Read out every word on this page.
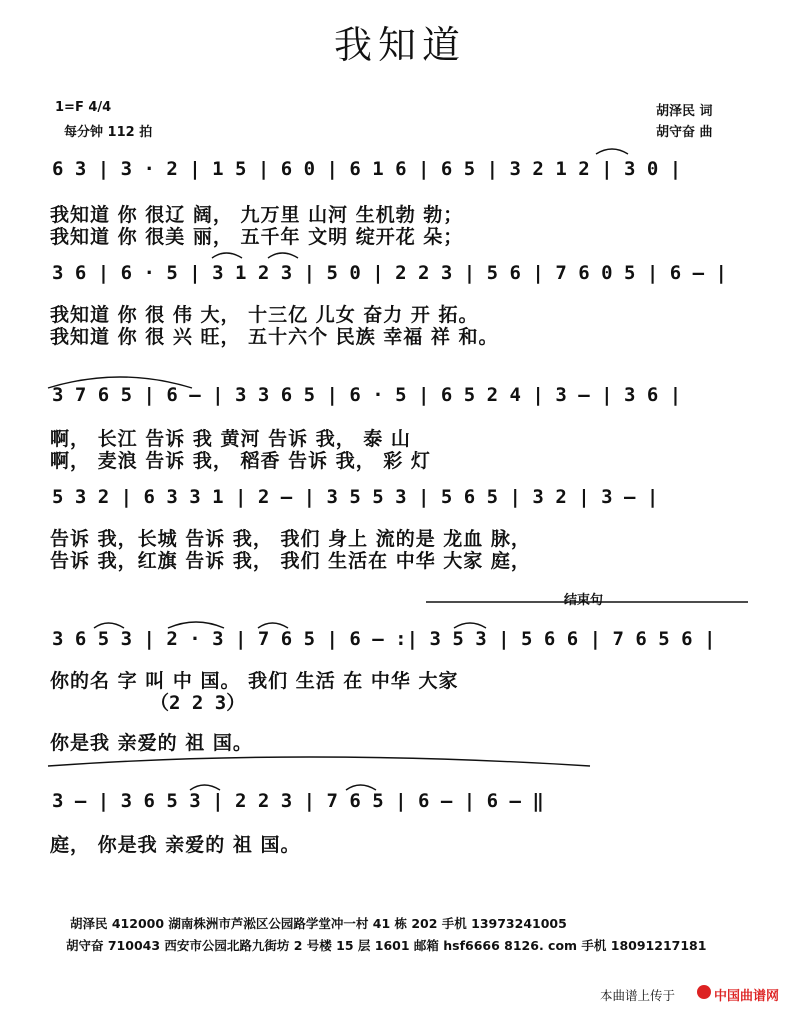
我知道
1=F 4/4
每分钟 112 拍
胡泽民 词
胡守奋 曲
6 3 | 3 · 2 | 1 5 | 6 0 | 6 1 6 | 6 5 | 3 2 1 2 | 3 0 |
我知道 你 很辽 阔， 九万里 山河 生机勃 勃；
我知道 你 很美 丽， 五千年 文明 绽开花 朵；
3 6 | 6 · 5 | 3 1 2 3 | 5 0 | 2 2 3 | 5 6 | 7 6 0 5 | 6 — |
我知道 你 很 伟 大， 十三亿 儿女 奋力 开 拓。
我知道 你 很 兴 旺， 五十六个 民族 幸福 祥 和。
3 7 6 5 | 6 — | 3 3 6 5 | 6 · 5 | 6 5 2 4 | 3 — | 3 6 |
啊， 长江 告诉 我 黄河 告诉 我， 泰 山
啊， 麦浪 告诉 我， 稻香 告诉 我， 彩 灯
5 3 2 | 6 3 3 1 | 2 — | 3 5 5 3 | 5 6 5 | 3 2 | 3 — |
告诉 我，长城 告诉 我， 我们 身上 流的是 龙血 脉，
告诉 我，红旗 告诉 我， 我们 生活在 中华 大家 庭，
结束句
3 6 5 3 | 2 · 3 | 7 6 5 | 6 — :| 3 5 3 | 5 6 6 | 7 6 5 6 |
你的名 字 叫 中 国。 我们 生活 在 中华 大家
（2 2 3）
你是我 亲爱的 祖 国。
3 — | 3 6 5 3 | 2 2 3 | 7 6 5 | 6 — | 6 — ‖
庭， 你是我 亲爱的 祖 国。
胡泽民 412000 湖南株洲市芦淞区公园路学堂冲一村 41 栋 202 手机 13973241005
胡守奋 710043 西安市公园北路九街坊 2 号楼 15 层 1601 邮箱 hsf6666 8126. com 手机 18091217181
本曲谱上传于	中国曲谱网
